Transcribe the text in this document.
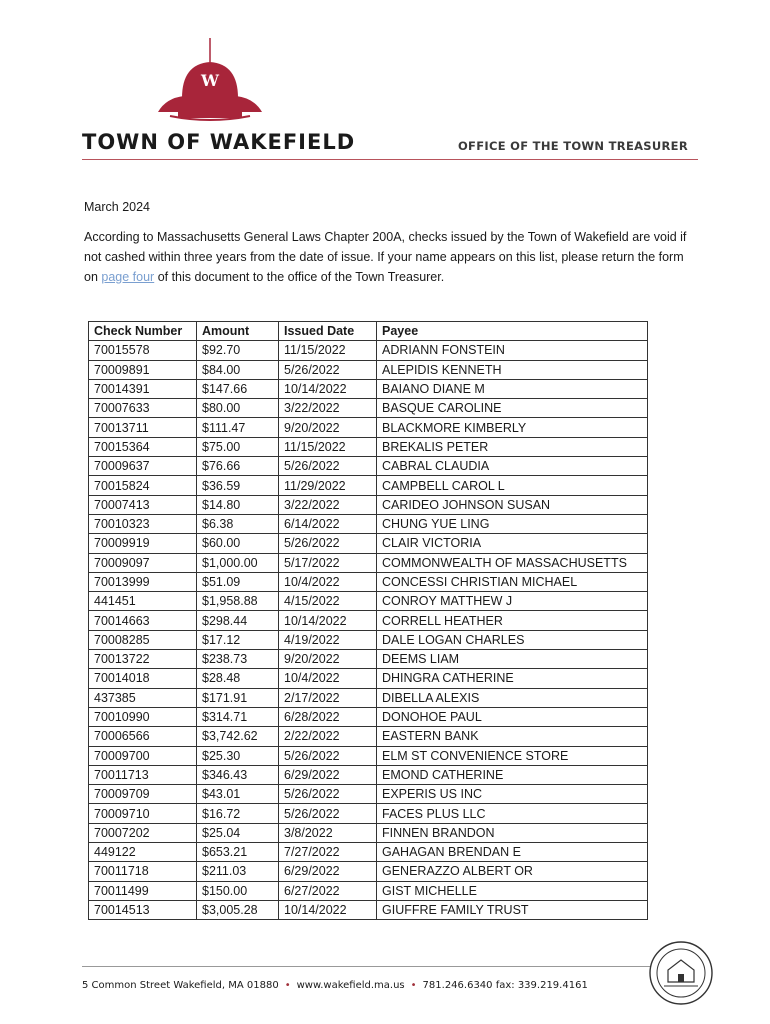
W
TOWN OF WAKEFIELD	OFFICE OF THE TOWN TREASURER
March 2024

According to Massachusetts General Laws Chapter 200A, checks issued by the Town of Wakefield are void if not cashed within three years from the date of issue. If your name appears on this list, please return the form on page four of this document to the office of the Town Treasurer.

Check Number	Amount	Issued Date	Payee
70015578	$92.70	11/15/2022	ADRIANN FONSTEIN
70009891	$84.00	5/26/2022	ALEPIDIS KENNETH
70014391	$147.66	10/14/2022	BAIANO DIANE M
70007633	$80.00	3/22/2022	BASQUE CAROLINE
70013711	$111.47	9/20/2022	BLACKMORE KIMBERLY
70015364	$75.00	11/15/2022	BREKALIS PETER
70009637	$76.66	5/26/2022	CABRAL CLAUDIA
70015824	$36.59	11/29/2022	CAMPBELL CAROL L
70007413	$14.80	3/22/2022	CARIDEO JOHNSON SUSAN
70010323	$6.38	6/14/2022	CHUNG YUE LING
70009919	$60.00	5/26/2022	CLAIR VICTORIA
70009097	$1,000.00	5/17/2022	COMMONWEALTH OF MASSACHUSETTS
70013999	$51.09	10/4/2022	CONCESSI CHRISTIAN MICHAEL
441451	$1,958.88	4/15/2022	CONROY MATTHEW J
70014663	$298.44	10/14/2022	CORRELL HEATHER
70008285	$17.12	4/19/2022	DALE LOGAN CHARLES
70013722	$238.73	9/20/2022	DEEMS LIAM
70014018	$28.48	10/4/2022	DHINGRA CATHERINE
437385	$171.91	2/17/2022	DIBELLA ALEXIS
70010990	$314.71	6/28/2022	DONOHOE PAUL
70006566	$3,742.62	2/22/2022	EASTERN BANK
70009700	$25.30	5/26/2022	ELM ST CONVENIENCE STORE
70011713	$346.43	6/29/2022	EMOND CATHERINE
70009709	$43.01	5/26/2022	EXPERIS US INC
70009710	$16.72	5/26/2022	FACES PLUS LLC
70007202	$25.04	3/8/2022	FINNEN BRANDON
449122	$653.21	7/27/2022	GAHAGAN BRENDAN E
70011718	$211.03	6/29/2022	GENERAZZO ALBERT OR
70011499	$150.00	6/27/2022	GIST MICHELLE
70014513	$3,005.28	10/14/2022	GIUFFRE FAMILY TRUST
5 Common Street Wakefield, MA 01880 • www.wakefield.ma.us • 781.246.6340 fax: 339.219.4161
